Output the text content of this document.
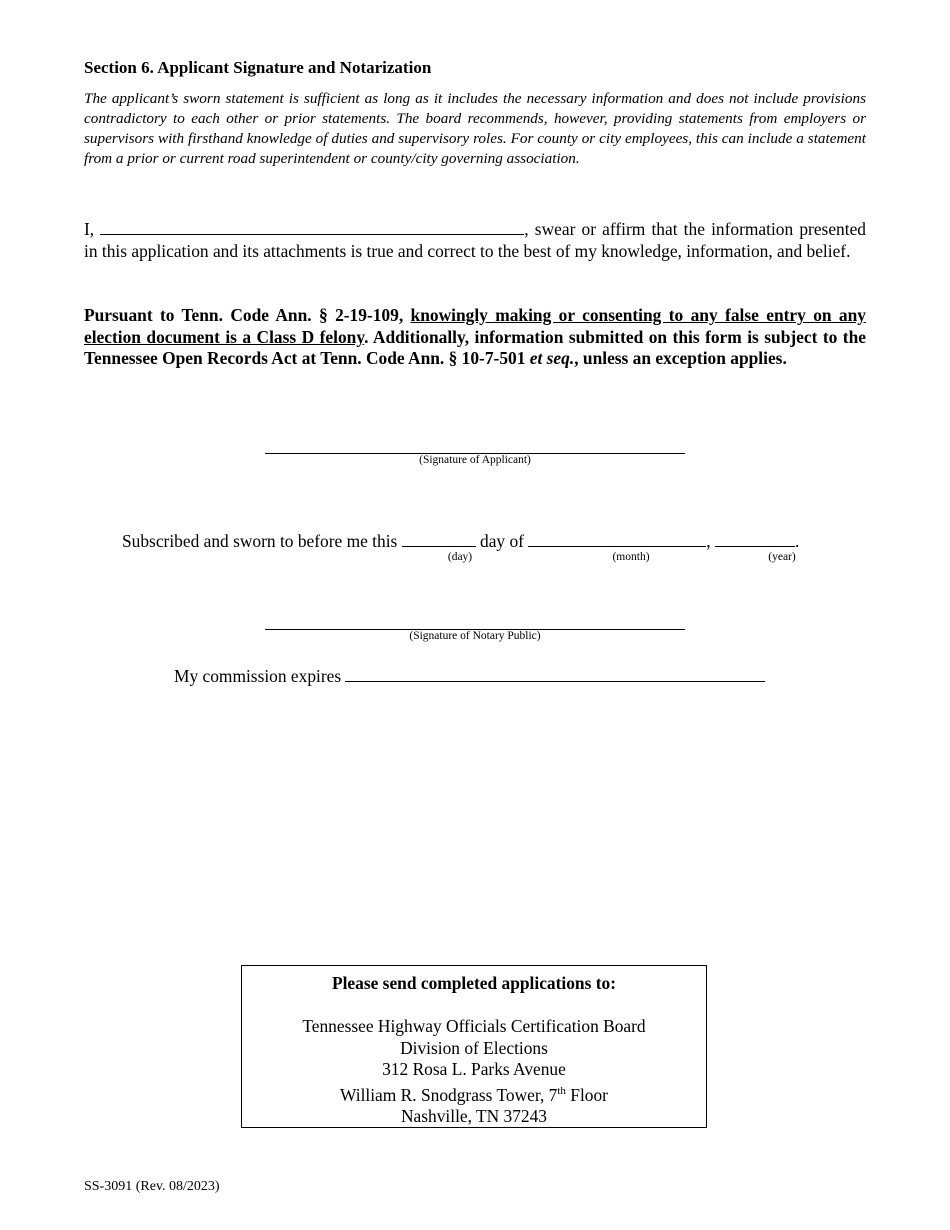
Section 6. Applicant Signature and Notarization
The applicant’s sworn statement is sufficient as long as it includes the necessary information and does not include provisions contradictory to each other or prior statements. The board recommends, however, providing statements from employers or supervisors with firsthand knowledge of duties and supervisory roles. For county or city employees, this can include a statement from a prior or current road superintendent or county/city governing association.
I,	, swear or affirm that the information presented in this application and its attachments is true and correct to the best of my knowledge, information, and belief.
Pursuant to Tenn. Code Ann. § 2-19-109, knowingly making or consenting to any false entry on any election document is a Class D felony. Additionally, information submitted on this form is subject to the Tennessee Open Records Act at Tenn. Code Ann. § 10-7-501 et seq., unless an exception applies.
(Signature of Applicant)
Subscribed and sworn to before me this	day of	,	.
(day)	(month)	(year)
(Signature of Notary Public)
My commission expires
Please send completed applications to:
Tennessee Highway Officials Certification Board
Division of Elections
312 Rosa L. Parks Avenue
William R. Snodgrass Tower, 7th Floor
Nashville, TN 37243
SS-3091 (Rev. 08/2023)
